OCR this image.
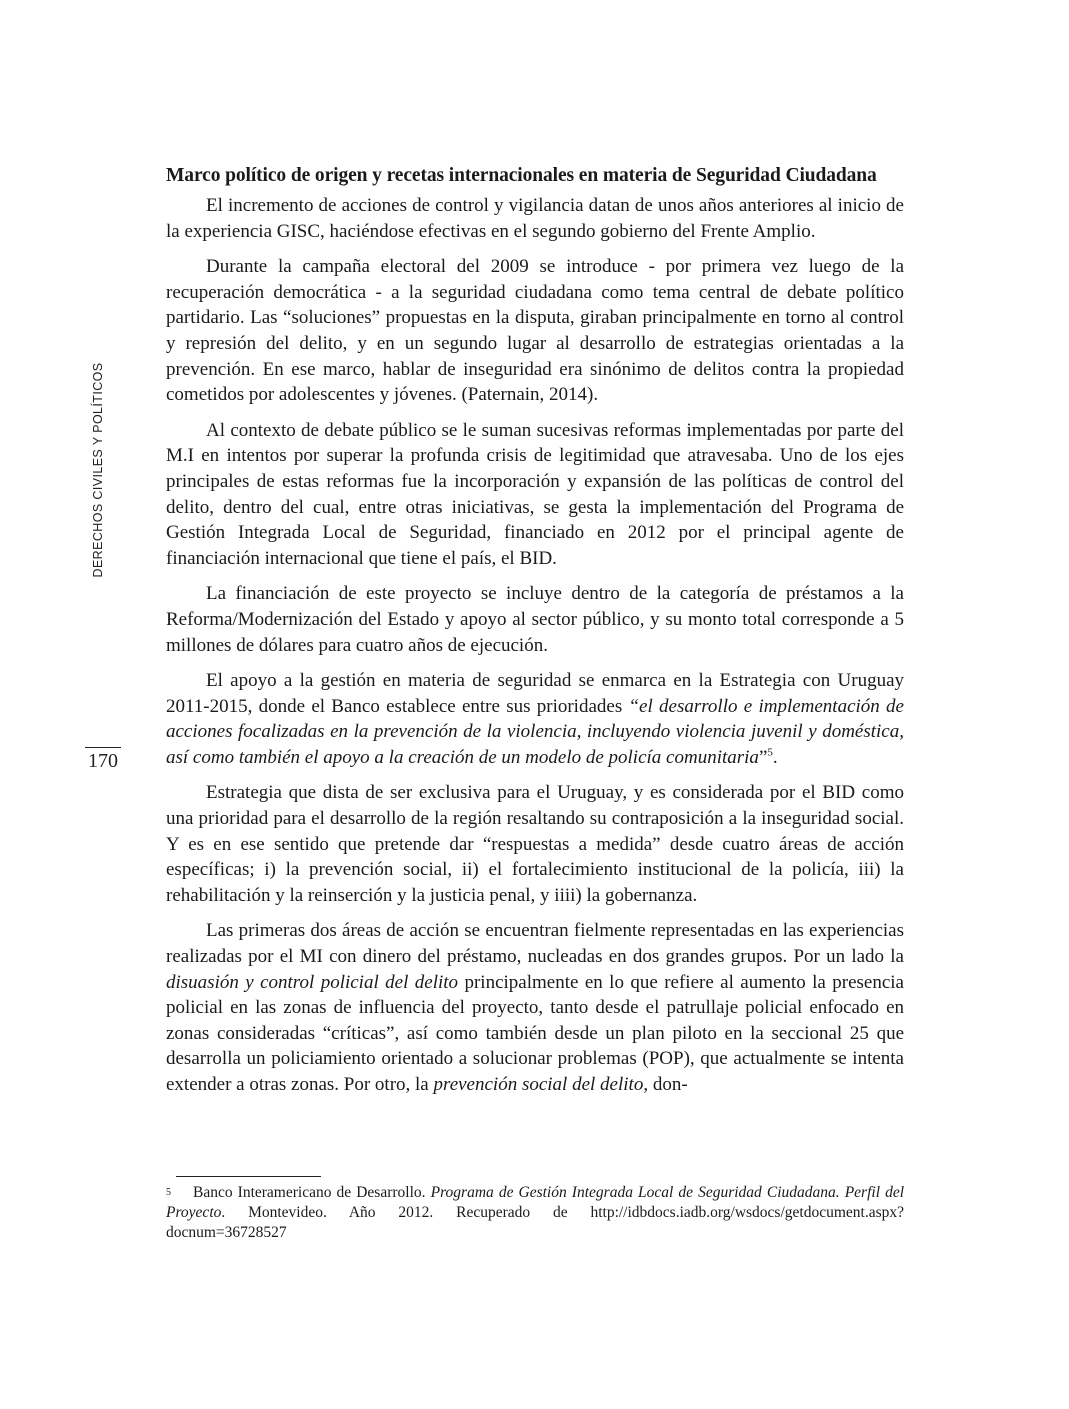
DERECHOS CIVILES Y POLÍTICOS
170
Marco político de origen y recetas internacionales en materia de Seguridad Ciudadana

El incremento de acciones de control y vigilancia datan de unos años anteriores al inicio de la experiencia GISC, haciéndose efectivas en el segundo gobierno del Frente Amplio.

Durante la campaña electoral del 2009 se introduce - por primera vez luego de la recuperación democrática - a la seguridad ciudadana como tema central de debate político partidario. Las “soluciones” propuestas en la disputa, giraban principalmente en torno al control y represión del delito, y en un segundo lugar al desarrollo de estrategias orientadas a la prevención. En ese marco, hablar de inseguridad era sinónimo de delitos contra la propiedad cometidos por adolescentes y jóvenes. (Paternain, 2014).

Al contexto de debate público se le suman sucesivas reformas implementadas por parte del M.I en intentos por superar la profunda crisis de legitimidad que atravesaba. Uno de los ejes principales de estas reformas fue la incorporación y expansión de las políticas de control del delito, dentro del cual, entre otras iniciativas, se gesta la implementación del Programa de Gestión Integrada Local de Seguridad, financiado en 2012 por el principal agente de financiación internacional que tiene el país, el BID.

La financiación de este proyecto se incluye dentro de la categoría de préstamos a la Reforma/Modernización del Estado y apoyo al sector público, y su monto total corresponde a 5 millones de dólares para cuatro años de ejecución.

El apoyo a la gestión en materia de seguridad se enmarca en la Estrategia con Uruguay 2011-2015, donde el Banco establece entre sus prioridades “el desarrollo e implementación de acciones focalizadas en la prevención de la violencia, incluyendo violencia juvenil y doméstica, así como también el apoyo a la creación de un modelo de policía comunitaria”$^5$.

Estrategia que dista de ser exclusiva para el Uruguay, y es considerada por el BID como una prioridad para el desarrollo de la región resaltando su contraposición a la inseguridad social. Y es en ese sentido que pretende dar “respuestas a medida” desde cuatro áreas de acción específicas; i) la prevención social, ii) el fortalecimiento institucional de la policía, iii) la rehabilitación y la reinserción y la justicia penal, y iiii) la gobernanza.

Las primeras dos áreas de acción se encuentran fielmente representadas en las experiencias realizadas por el MI con dinero del préstamo, nucleadas en dos grandes grupos. Por un lado la disuasión y control policial del delito principalmente en lo que refiere al aumento la presencia policial en las zonas de influencia del proyecto, tanto desde el patrullaje policial enfocado en zonas consideradas “críticas”, así como también desde un plan piloto en la seccional 25 que desarrolla un policiamiento orientado a solucionar problemas (POP), que actualmente se intenta extender a otras zonas. Por otro, la prevención social del delito, don-

$^5$ Banco Interamericano de Desarrollo. Programa de Gestión Integrada Local de Seguridad Ciudadana. Perfil del Proyecto. Montevideo. Año 2012. Recuperado de http://idbdocs.iadb.org/wsdocs/getdocument.aspx?docnum=36728527
